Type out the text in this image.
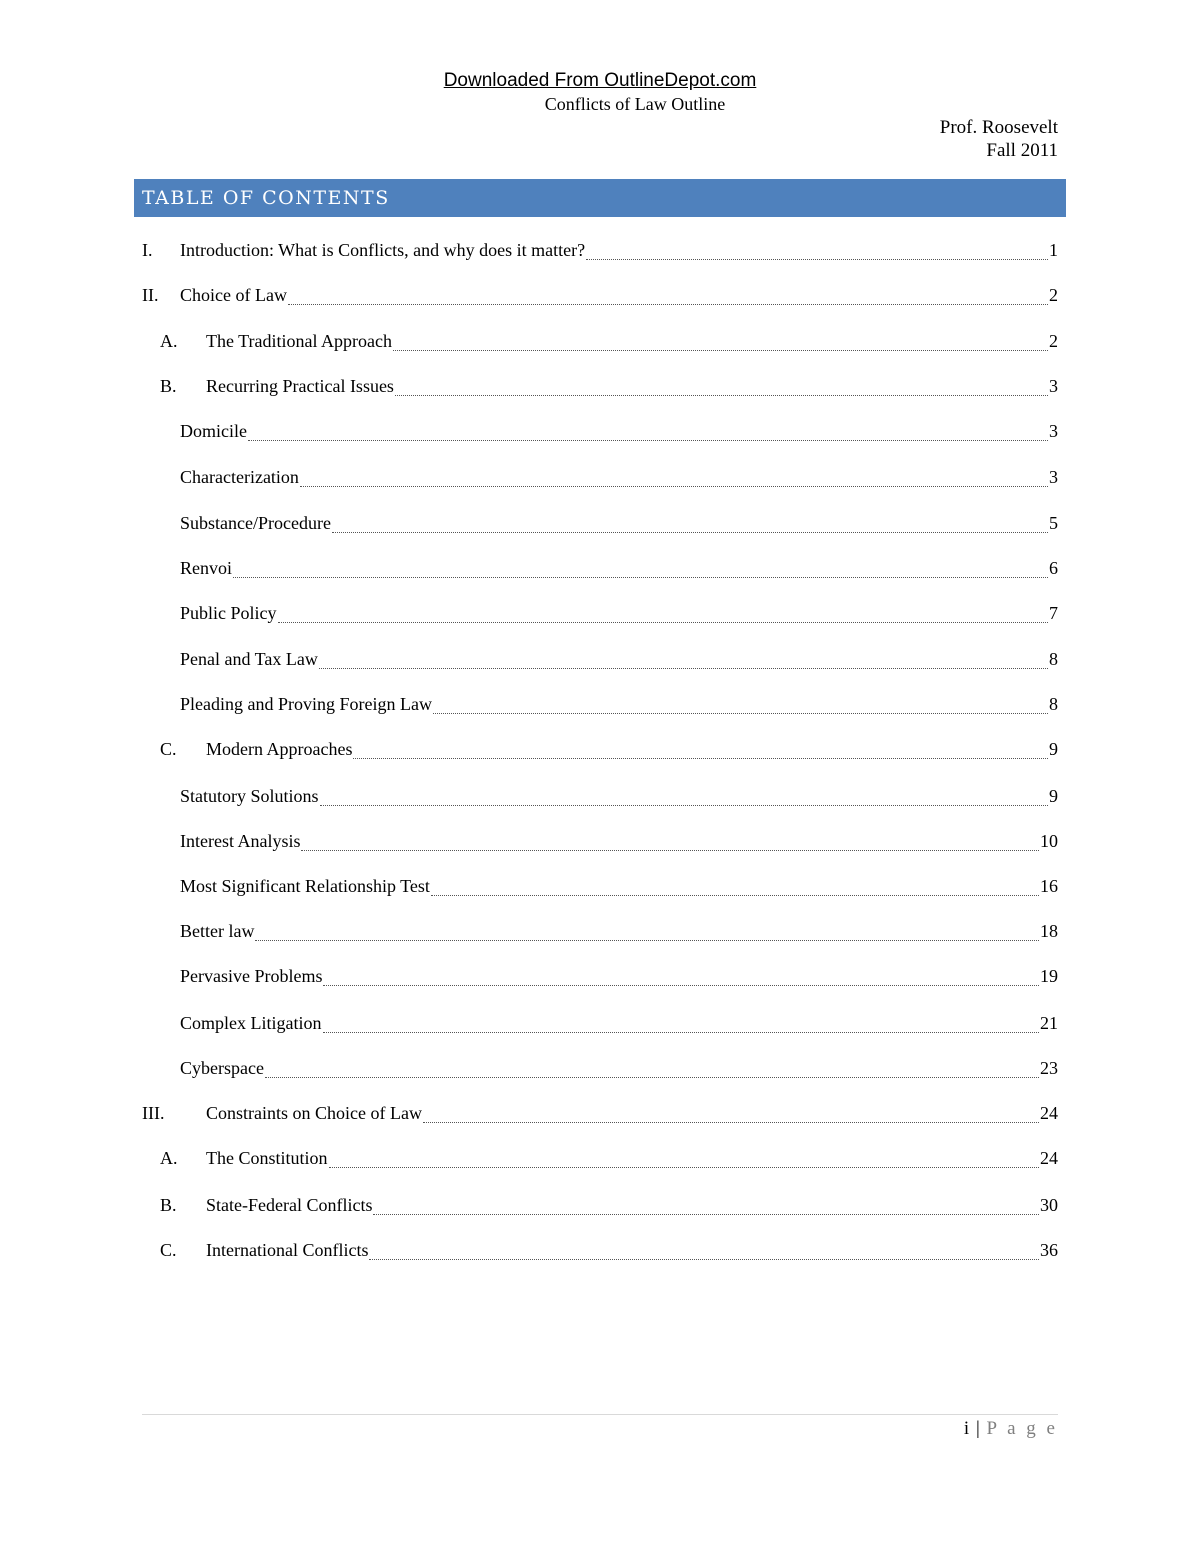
Downloaded From OutlineDepot.com
Conflicts of Law Outline
Prof. Roosevelt
Fall 2011
TABLE OF CONTENTS
I.	Introduction: What is Conflicts, and why does it matter?	1
II.	Choice of Law	2
A.	The Traditional Approach	2
B.	Recurring Practical Issues	3
Domicile	3
Characterization	3
Substance/Procedure	5
Renvoi	6
Public Policy	7
Penal and Tax Law	8
Pleading and Proving Foreign Law	8
C.	Modern Approaches	9
Statutory Solutions	9
Interest Analysis	10
Most Significant Relationship Test	16
Better law	18
Pervasive Problems	19
Complex Litigation	21
Cyberspace	23
III.	Constraints on Choice of Law	24
A.	The Constitution	24
B.	State-Federal Conflicts	30
C.	International Conflicts	36
i | P a g e
